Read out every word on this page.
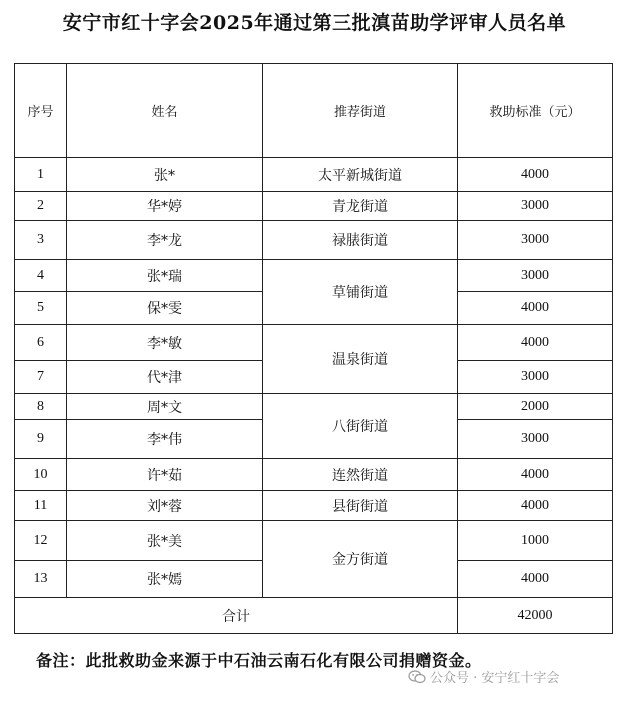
安宁市红十字会2025年通过第三批滇苗助学评审人员名单
序号	姓名	推荐街道	救助标准（元）
1	张*	太平新城街道	4000
2	华*婷	青龙街道	3000
3	李*龙	禄脿街道	3000
4	张*瑞	草铺街道	3000
5	保*雯		4000
6	李*敏	温泉街道	4000
7	代*津		3000
8	周*文	八街街道	2000
9	李*伟		3000
10	许*茹	连然街道	4000
11	刘*蓉	县街街道	4000
12	张*美	金方街道	1000
13	张*嫣		4000
合计			42000
备注：此批救助金来源于中石油云南石化有限公司捐赠资金。
公众号 · 安宁红十字会
